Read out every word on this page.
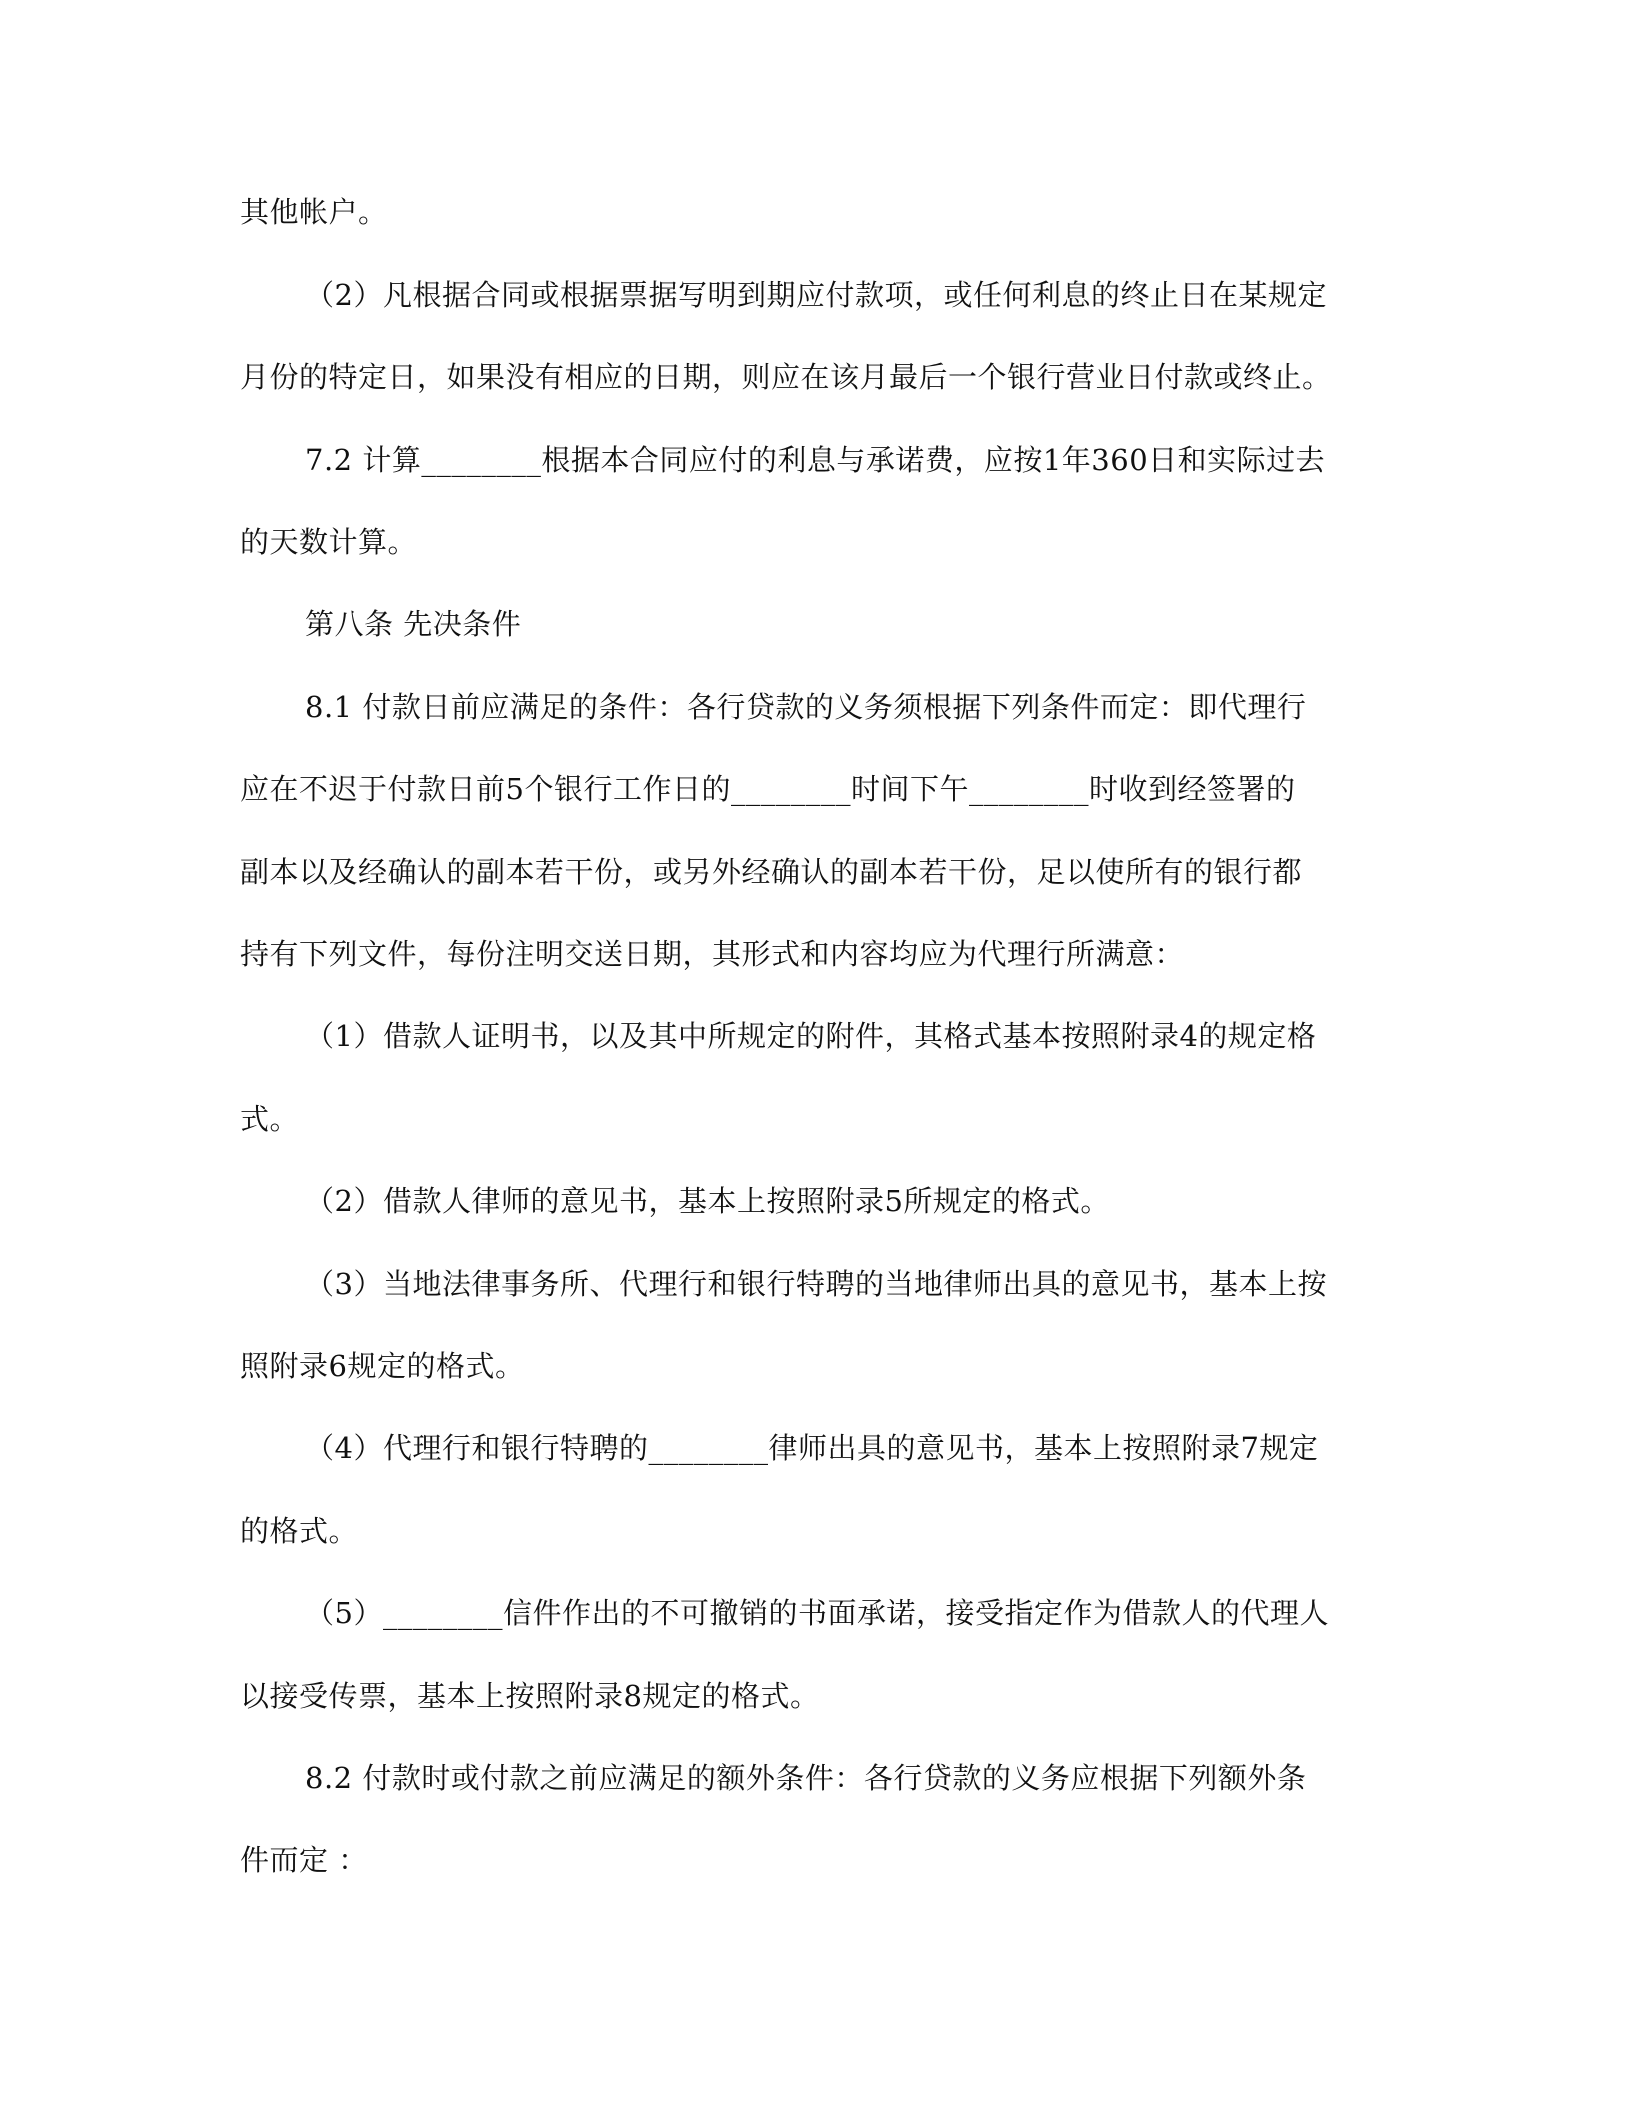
其他帐户。
（2）凡根据合同或根据票据写明到期应付款项，或任何利息的终止日在某规定
月份的特定日，如果没有相应的日期，则应在该月最后一个银行营业日付款或终止。
7.2 计算________根据本合同应付的利息与承诺费，应按1年360日和实际过去
的天数计算。
第八条 先决条件
8.1 付款日前应满足的条件：各行贷款的义务须根据下列条件而定：即代理行
应在不迟于付款日前5个银行工作日的________时间下午________时收到经签署的
副本以及经确认的副本若干份，或另外经确认的副本若干份，足以使所有的银行都
持有下列文件，每份注明交送日期，其形式和内容均应为代理行所满意：
（1）借款人证明书，以及其中所规定的附件，其格式基本按照附录4的规定格
式。
（2）借款人律师的意见书，基本上按照附录5所规定的格式。
（3）当地法律事务所、代理行和银行特聘的当地律师出具的意见书，基本上按
照附录6规定的格式。
（4）代理行和银行特聘的________律师出具的意见书，基本上按照附录7规定
的格式。
（5）________信件作出的不可撤销的书面承诺，接受指定作为借款人的代理人
以接受传票，基本上按照附录8规定的格式。
8.2 付款时或付款之前应满足的额外条件：各行贷款的义务应根据下列额外条
件而定 ：
